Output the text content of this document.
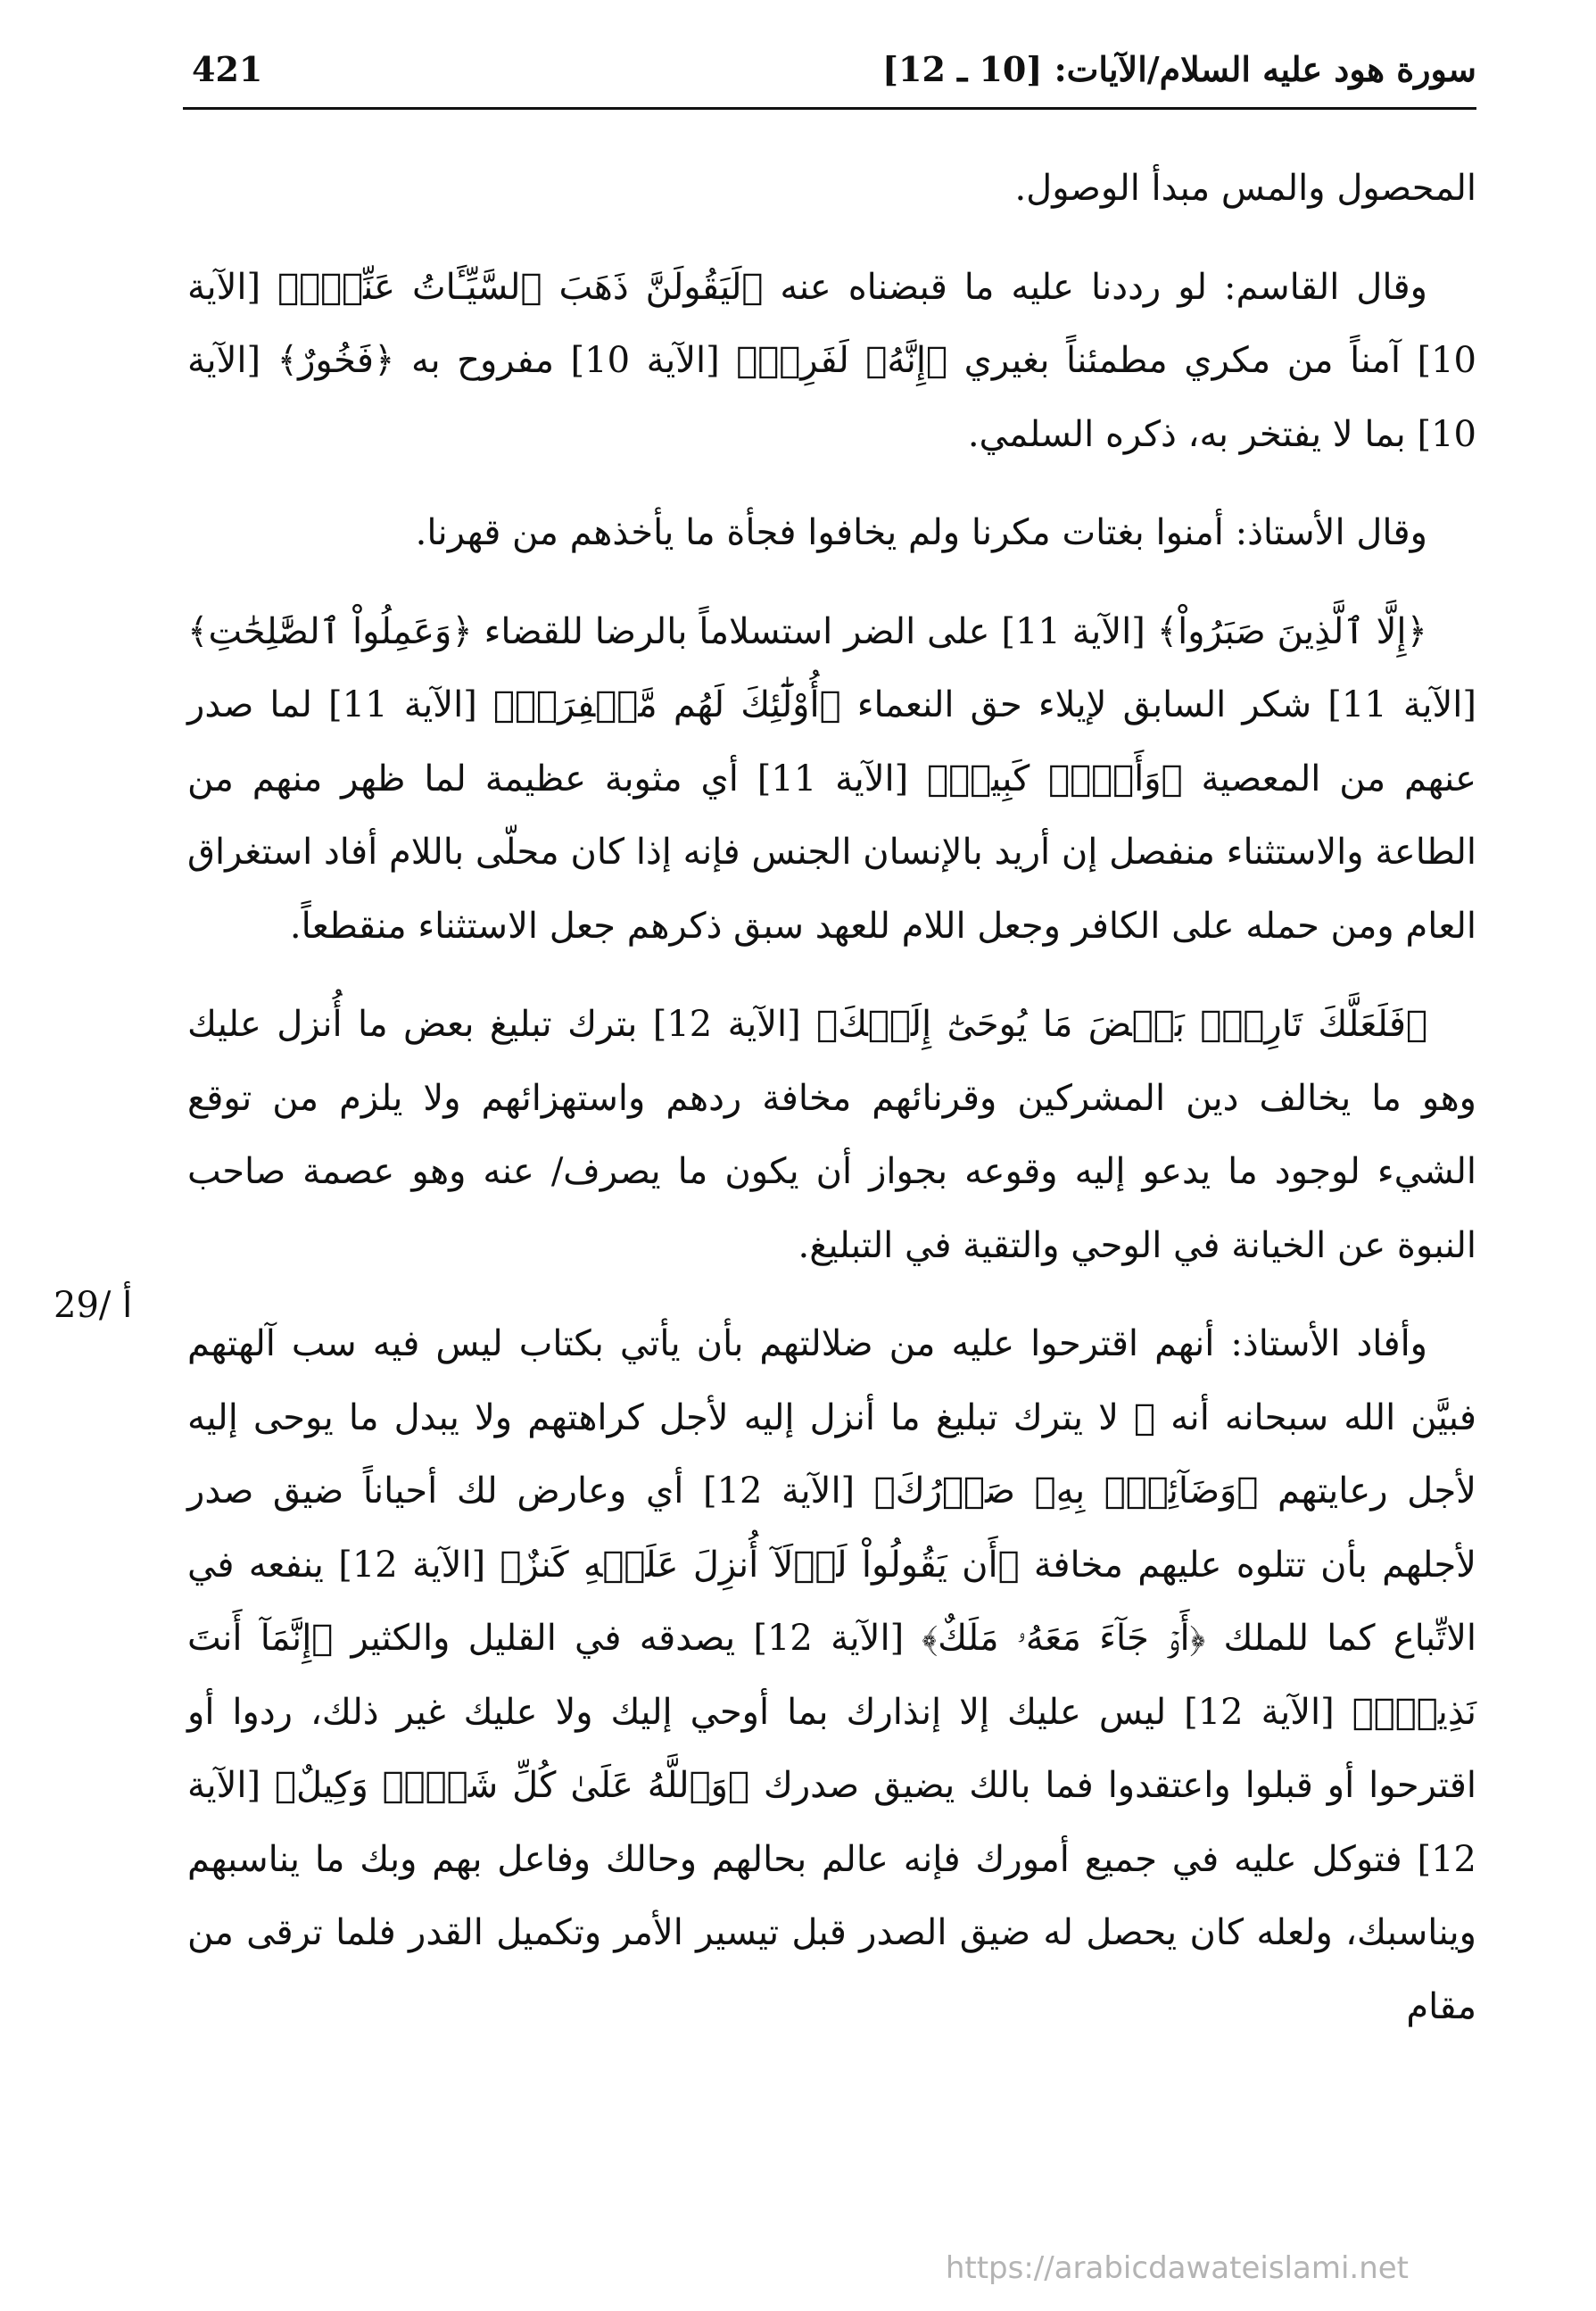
سورة هود عليه السلام/الآيات: [10 ـ 12]
421

المحصول والمس مبدأ الوصول.

وقال القاسم: لو رددنا عليه ما قبضناه عنه ﴿لَيَقُولَنَّ ذَهَبَ ٱلسَّيِّـَٔاتُ عَنِّيٓۚ﴾ [الآية 10] آمناً من مكري مطمئناً بغيري ﴿إِنَّهُۥ لَفَرِحٞ﴾ [الآية 10] مفروح به ﴿فَخُورٌ﴾ [الآية 10] بما لا يفتخر به، ذكره السلمي.

وقال الأستاذ: أمنوا بغتات مكرنا ولم يخافوا فجأة ما يأخذهم من قهرنا.

﴿إِلَّا ٱلَّذِينَ صَبَرُواْ﴾ [الآية 11] على الضر استسلاماً بالرضا للقضاء ﴿وَعَمِلُواْ ٱلصَّٰلِحَٰتِ﴾ [الآية 11] شكر السابق لإيلاء حق النعماء ﴿أُوْلَٰٓئِكَ لَهُم مَّغۡفِرَةٞ﴾ [الآية 11] لما صدر عنهم من المعصية ﴿وَأَجۡرٞ كَبِيرٞ﴾ [الآية 11] أي مثوبة عظيمة لما ظهر منهم من الطاعة والاستثناء منفصل إن أريد بالإنسان الجنس فإنه إذا كان محلّى باللام أفاد استغراق العام ومن حمله على الكافر وجعل اللام للعهد سبق ذكرهم جعل الاستثناء منقطعاً.

﴿فَلَعَلَّكَ تَارِكُۢ بَعۡضَ مَا يُوحَىٰٓ إِلَيۡكَ﴾ [الآية 12] بترك تبليغ بعض ما أُنزل عليك وهو ما يخالف دين المشركين وقرنائهم مخافة ردهم واستهزائهم ولا يلزم من توقع الشيء لوجود ما يدعو إليه وقوعه بجواز أن يكون ما يصرف/ عنه وهو عصمة صاحب النبوة عن الخيانة في الوحي والتقية في التبليغ.

وأفاد الأستاذ: أنهم اقترحوا عليه من ضلالتهم بأن يأتي بكتاب ليس فيه سب آلهتهم فبيَّن الله سبحانه أنه ﷺ لا يترك تبليغ ما أنزل إليه لأجل كراهتهم ولا يبدل ما يوحى إليه لأجل رعايتهم ﴿وَضَآئِقُۢ بِهِۦ صَدۡرُكَ﴾ [الآية 12] أي وعارض لك أحياناً ضيق صدر لأجلهم بأن تتلوه عليهم مخافة ﴿أَن يَقُولُواْ لَوۡلَآ أُنزِلَ عَلَيۡهِ كَنزٌ﴾ [الآية 12] ينفعه في الاتِّباع كما للملك ﴿أَوۡ جَآءَ مَعَهُۥ مَلَكٌ﴾ [الآية 12] يصدقه في القليل والكثير ﴿إِنَّمَآ أَنتَ نَذِيرٞۚ﴾ [الآية 12] ليس عليك إلا إنذارك بما أوحي إليك ولا عليك غير ذلك، ردوا أو اقترحوا أو قبلوا واعتقدوا فما بالك يضيق صدرك ﴿وَٱللَّهُ عَلَىٰ كُلِّ شَيۡءٖ وَكِيلٌ﴾ [الآية 12] فتوكل عليه في جميع أمورك فإنه عالم بحالهم وحالك وفاعل بهم وبك ما يناسبهم ويناسبك، ولعله كان يحصل له ضيق الصدر قبل تيسير الأمر وتكميل القدر فلما ترقى من مقام

29/ أ
https://arabicdawateislami.net
